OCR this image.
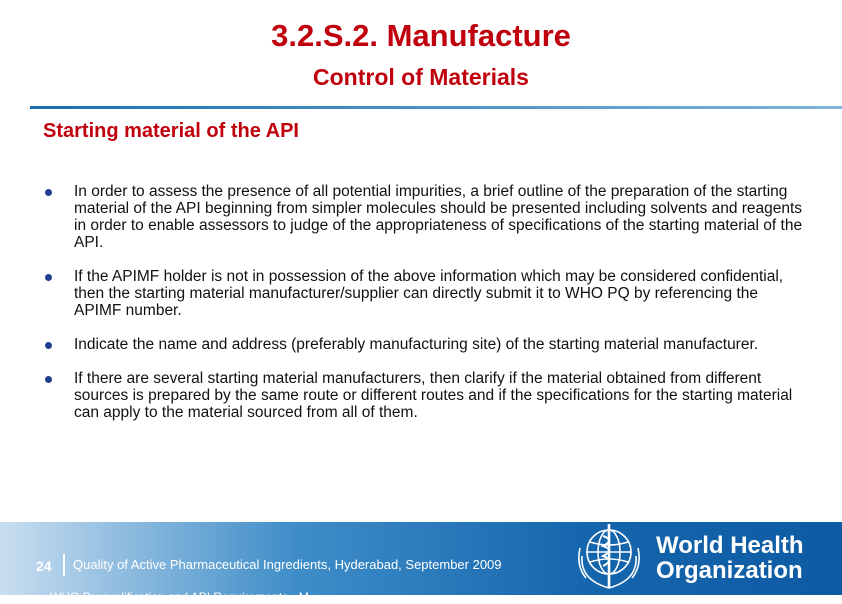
3.2.S.2. Manufacture
Control of Materials
Starting material of the API
In order to assess the presence of all potential impurities, a brief outline of the preparation of the starting material of the API beginning from simpler molecules should be presented including solvents and reagents in order to enable assessors to judge of the appropriateness of specifications of the starting material of the API.
If the APIMF holder is not in possession of the above information which may be considered confidential, then the starting material manufacturer/supplier can directly submit it to WHO PQ by referencing the APIMF number.
Indicate the name and address (preferably manufacturing site) of the starting material manufacturer.
If there are several starting material manufacturers, then clarify if the material obtained from different sources is prepared by the same route or different routes and if the specifications for the starting material can apply to the material sourced from all of them.
24 Quality of Active Pharmaceutical Ingredients, Hyderabad, September 2009
WHO Prequalification and API Requirements - M
World Health
Organization
